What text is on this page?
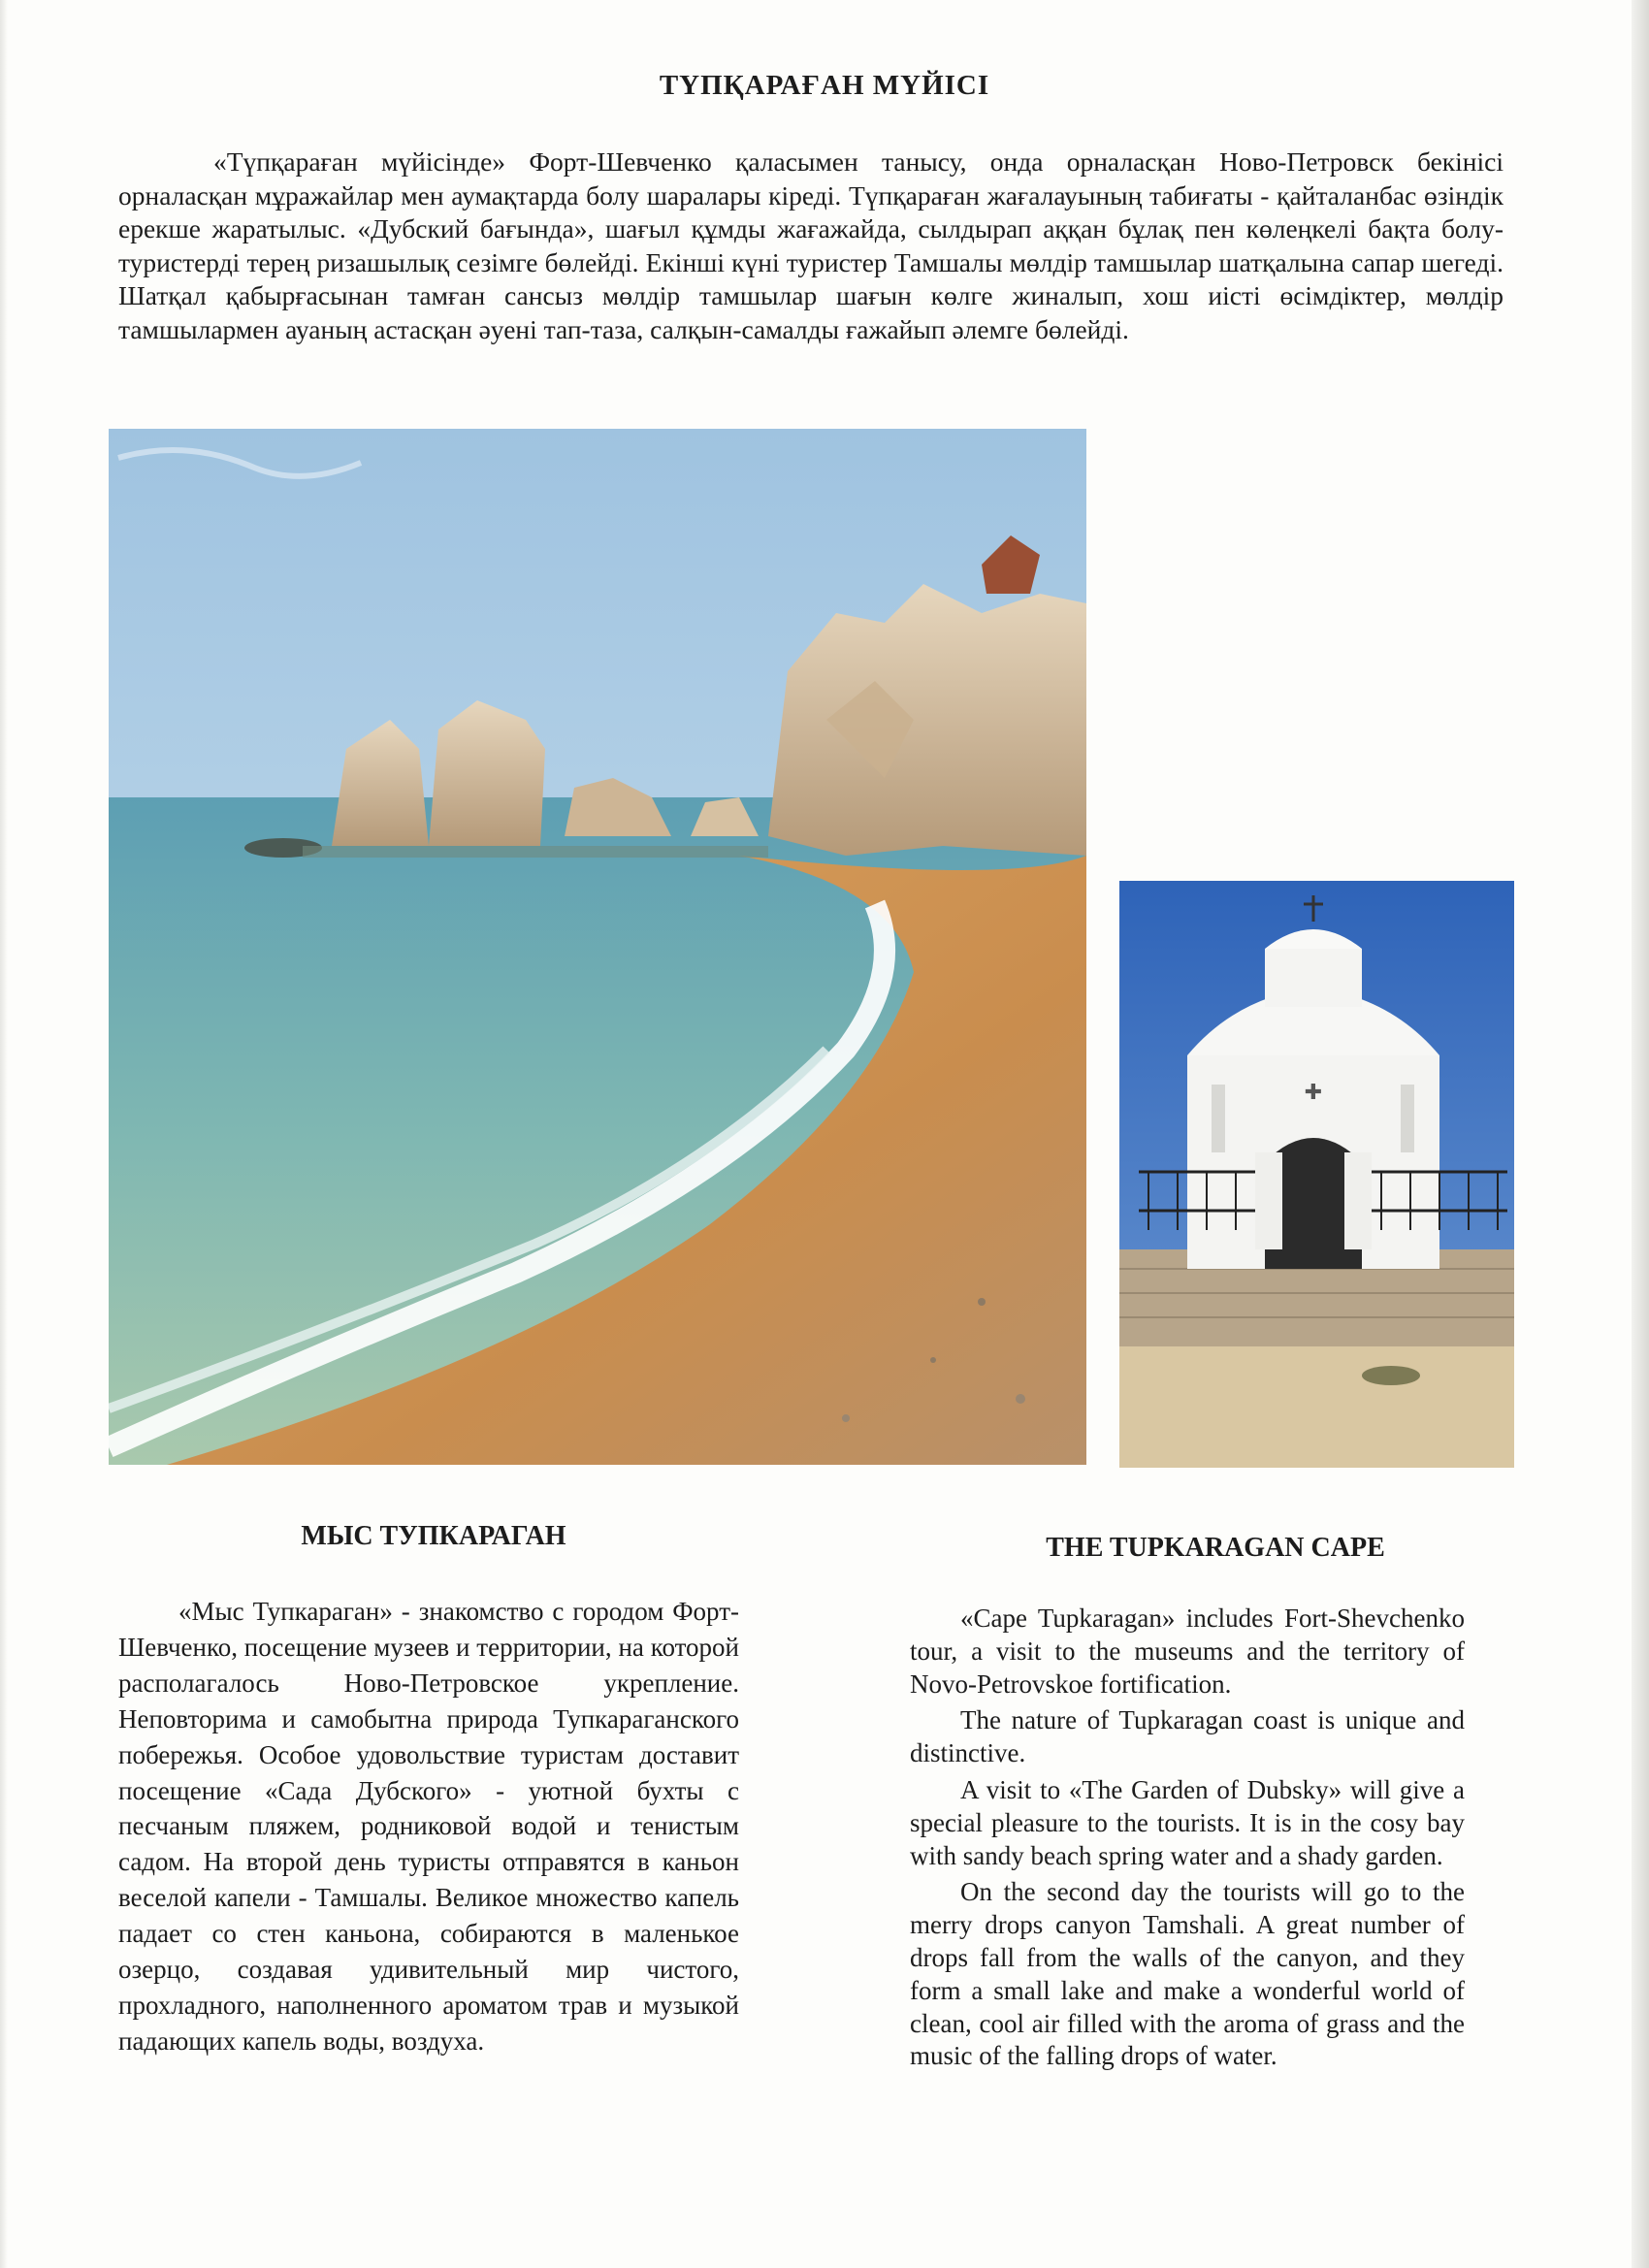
ТҮПҚАРАҒАН МҮЙІСІ
«Түпқараған мүйісінде» Форт-Шевченко қаласымен танысу, онда орналасқан Ново-Петровск бекінісі орналасқан мұражайлар мен аумақтарда болу шаралары кіреді. Түпқараған жағалауының табиғаты - қайталанбас өзіндік ерекше жаратылыс. «Дубский бағында», шағыл құмды жағажайда, сылдырап аққан бұлақ пен көлеңкелі бақта болу- туристерді терең ризашылық сезімге бөлейді. Екінші күні туристер Тамшалы мөлдір тамшылар шатқалына сапар шегеді. Шатқал қабырғасынан тамған сансыз мөлдір тамшылар шағын көлге жиналып, хош иісті өсімдіктер, мөлдір тамшылармен ауаның астасқан әуені тап-таза, салқын-самалды ғажайып әлемге бөлейді.
✚
МЫС ТУПКАРАГАН	THE TUPKARAGAN CAPE
«Мыс Тупкараган» - знакомство с городом Форт-Шевченко, посещение музеев и территории, на которой располагалось Ново-Петровское укрепление. Неповторима и самобытна природа Тупкараганского побережья. Особое удовольствие туристам доставит посещение «Сада Дубского» - уютной бухты с песчаным пляжем, родниковой водой и тенистым садом. На второй день туристы отправятся в каньон веселой капели - Тамшалы. Великое множество капель падает со стен каньона, собираются в маленькое озерцо, создавая удивительный мир чистого, прохладного, наполненного ароматом трав и музыкой падающих капель воды, воздуха.
«Cape Tupkaragan» includes Fort-Shevchenko tour, a visit to the museums and the territory of Novo-Petrovskoe fortification.
The nature of Tupkaragan coast is unique and distinctive.
A visit to «The Garden of Dubsky» will give a special pleasure to the tourists. It is in the cosy bay with sandy beach spring water and a shady garden.
On the second day the tourists will go to the merry drops canyon Tamshali. A great number of drops fall from the walls of the canyon, and they form a small lake and make a wonderful world of clean, cool air filled with the aroma of grass and the music of the falling drops of water.
